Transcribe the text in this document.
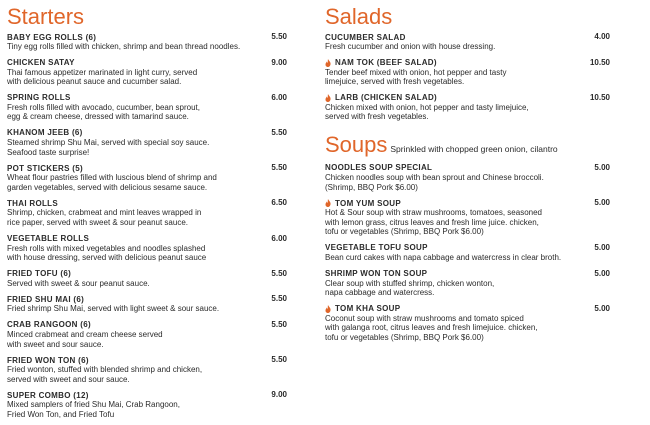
Starters
BABY EGG ROLLS (6)	5.50
Tiny egg rolls filled with chicken, shrimp and bean thread noodles.
CHICKEN SATAY	9.00
Thai famous appetizer marinated in light curry, served
with delicious peanut sauce and cucumber salad.
SPRING ROLLS	6.00
Fresh rolls filled with avocado, cucumber, bean sprout,
egg & cream cheese, dressed with tamarind sauce.
KHANOM JEEB (6)	5.50
Steamed shrimp Shu Mai, served with special soy sauce.
Seafood taste surprise!
POT STICKERS (5)	5.50
Wheat flour pastries filled with luscious blend of shrimp and
garden vegetables, served with delicious sesame sauce.
THAI ROLLS	6.50
Shrimp, chicken, crabmeat and mint leaves wrapped in
rice paper, served with sweet & sour peanut sauce.
VEGETABLE ROLLS	6.00
Fresh rolls with mixed vegetables and noodles splashed
with house dressing, served with delicious peanut sauce
FRIED TOFU (6)	5.50
Served with sweet & sour peanut sauce.
FRIED SHU MAI (6)	5.50
Fried shrimp Shu Mai, served with light sweet & sour sauce.
CRAB RANGOON (6)	5.50
Minced crabmeat and cream cheese served
with sweet and sour sauce.
FRIED WON TON (6)	5.50
Fried wonton, stuffed with blended shrimp and chicken,
served with sweet and sour sauce.
SUPER COMBO (12)	9.00
Mixed samplers of fried Shu Mai, Crab Rangoon,
Fried Won Ton, and Fried Tofu
Salads
CUCUMBER SALAD	4.00
Fresh cucumber and onion with house dressing.
NAM TOK (BEEF SALAD)	10.50
Tender beef mixed with onion, hot pepper and tasty
limejuice, served with fresh vegetables.
LARB (CHICKEN SALAD)	10.50
Chicken mixed with onion, hot pepper and tasty limejuice,
served with fresh vegetables.
Soups Sprinkled with chopped green onion, cilantro
NOODLES SOUP SPECIAL	5.00
Chicken noodles soup with bean sprout and Chinese broccoli.
(Shrimp, BBQ Pork $6.00)
TOM YUM SOUP	5.00
Hot & Sour soup with straw mushrooms, tomatoes, seasoned
with lemon grass, citrus leaves and fresh lime juice. chicken,
tofu or vegetables (Shrimp, BBQ Pork $6.00)
VEGETABLE TOFU SOUP	5.00
Bean curd cakes with napa cabbage and watercress in clear broth.
SHRIMP WON TON SOUP	5.00
Clear soup with stuffed shrimp, chicken wonton,
napa cabbage and watercress.
TOM KHA SOUP	5.00
Coconut soup with straw mushrooms and tomato spiced
with galanga root, citrus leaves and fresh limejuice. chicken,
tofu or vegetables (Shrimp, BBQ Pork $6.00)
